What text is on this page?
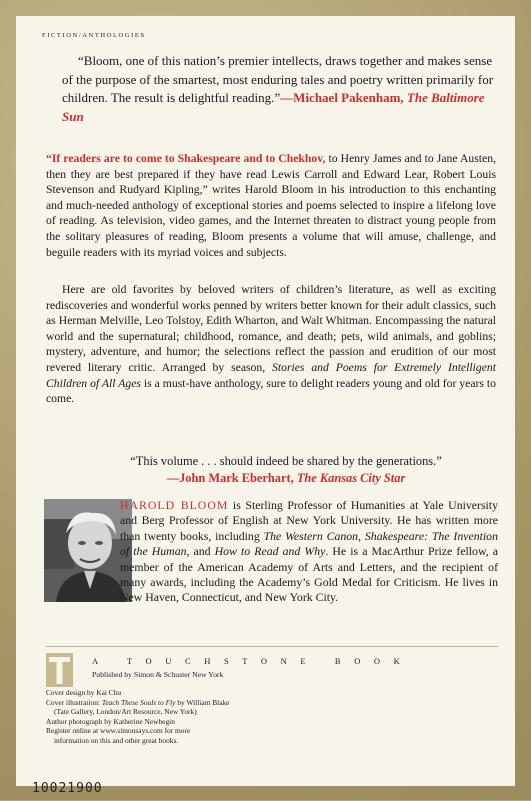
FICTION/ANTHOLOGIES
“Bloom, one of this nation’s premier intellects, draws together and makes sense of the purpose of the smartest, most enduring tales and poetry written primarily for children. The result is delightful reading.”—Michael Pakenham, The Baltimore Sun
“If readers are to come to Shakespeare and to Chekhov, to Henry James and to Jane Austen, then they are best prepared if they have read Lewis Carroll and Edward Lear, Robert Louis Stevenson and Rudyard Kipling,” writes Harold Bloom in his introduction to this enchanting and much-needed anthology of exceptional stories and poems selected to inspire a lifelong love of reading. As television, video games, and the Internet threaten to distract young people from the solitary pleasures of reading, Bloom presents a volume that will amuse, challenge, and beguile readers with its myriad voices and subjects.
Here are old favorites by beloved writers of children’s literature, as well as exciting rediscoveries and wonderful works penned by writers better known for their adult classics, such as Herman Melville, Leo Tolstoy, Edith Wharton, and Walt Whitman. Encompassing the natural world and the supernatural; childhood, romance, and death; pets, wild animals, and goblins; mystery, adventure, and humor; the selections reflect the passion and erudition of our most revered literary critic. Arranged by season, Stories and Poems for Extremely Intelligent Children of All Ages is a must-have anthology, sure to delight readers young and old for years to come.
“This volume . . . should indeed be shared by the generations.”
—John Mark Eberhart, The Kansas City Star
HAROLD BLOOM is Sterling Professor of Humanities at Yale University and Berg Professor of English at New York University. He has written more than twenty books, including The Western Canon, Shakespeare: The Invention of the Human, and How to Read and Why. He is a MacArthur Prize fellow, a member of the American Academy of Arts and Letters, and the recipient of many awards, including the Academy’s Gold Medal for Criticism. He lives in New Haven, Connecticut, and New York City.
A TOUCHSTONE BOOK
Published by Simon & Schuster New York
Cover design by Kai Chu
Cover illustration: Teach These Souls to Fly by William Blake
(Tate Gallery, London/Art Resource, New York)
Author photograph by Katherine Newbegin
Register online at www.simonsays.com for more
information on this and other great books.
10021900
